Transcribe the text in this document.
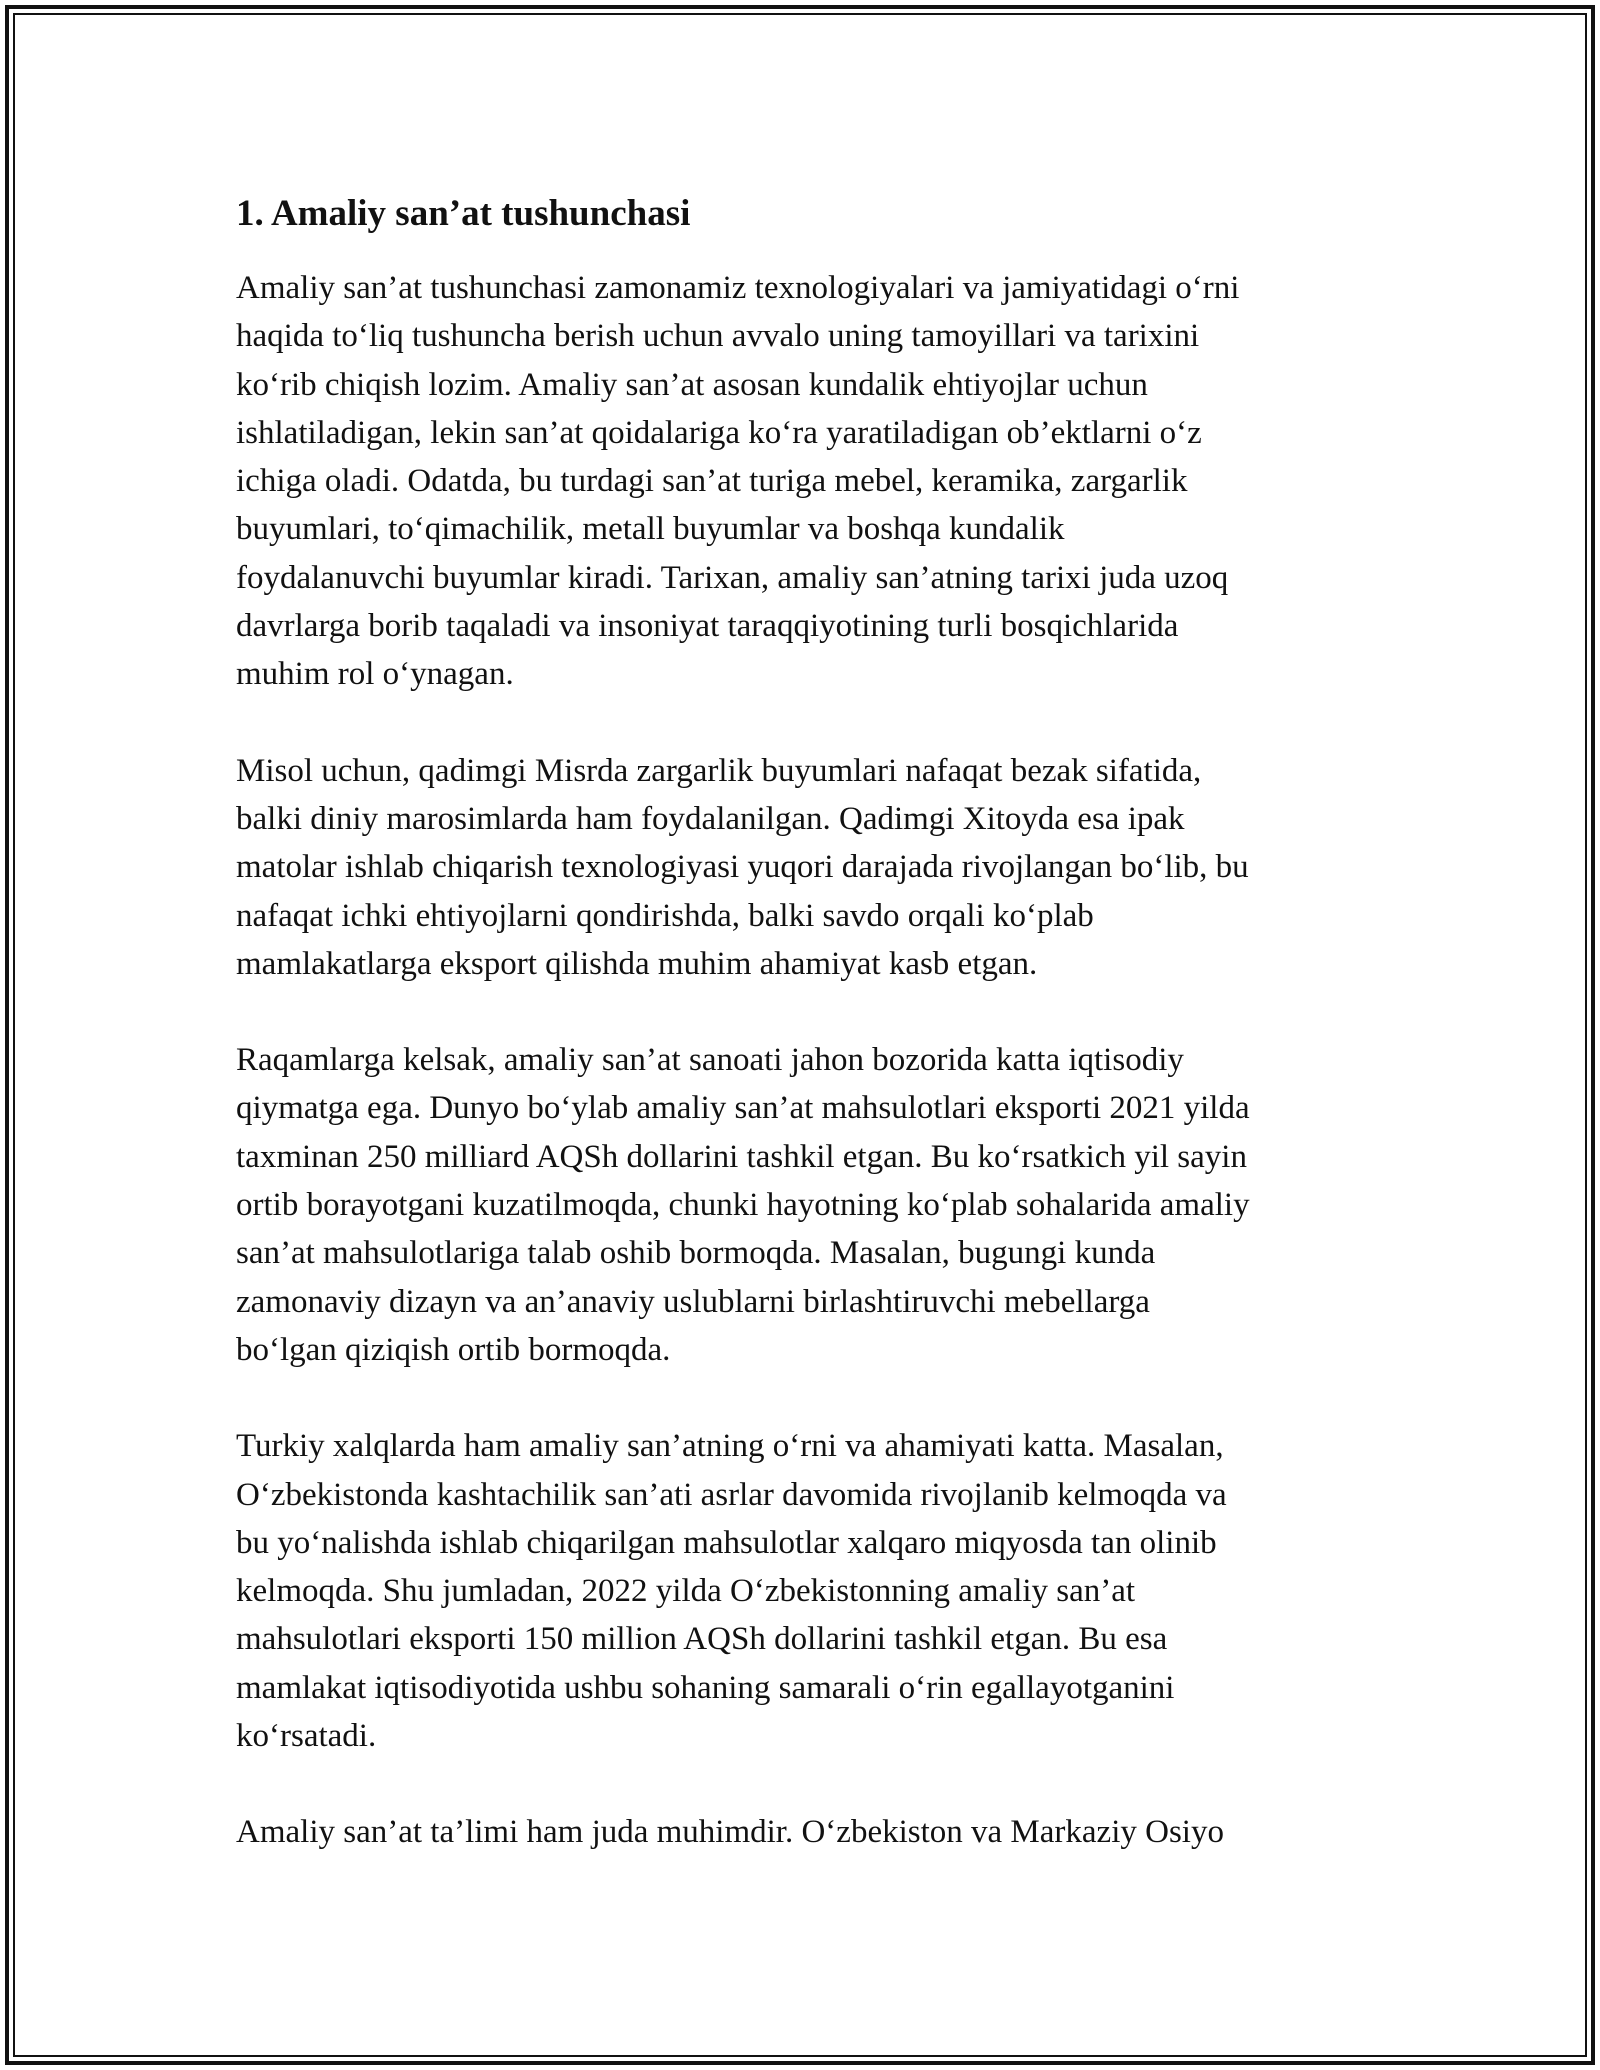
1. Amaliy san’at tushunchasi

Amaliy san’at tushunchasi zamonamiz texnologiyalari va jamiyatidagi o‘rni
haqida to‘liq tushuncha berish uchun avvalo uning tamoyillari va tarixini
ko‘rib chiqish lozim. Amaliy san’at asosan kundalik ehtiyojlar uchun
ishlatiladigan, lekin san’at qoidalariga ko‘ra yaratiladigan ob’ektlarni o‘z
ichiga oladi. Odatda, bu turdagi san’at turiga mebel, keramika, zargarlik
buyumlari, to‘qimachilik, metall buyumlar va boshqa kundalik
foydalanuvchi buyumlar kiradi. Tarixan, amaliy san’atning tarixi juda uzoq
davrlarga borib taqaladi va insoniyat taraqqiyotining turli bosqichlarida
muhim rol o‘ynagan.

Misol uchun, qadimgi Misrda zargarlik buyumlari nafaqat bezak sifatida,
balki diniy marosimlarda ham foydalanilgan. Qadimgi Xitoyda esa ipak
matolar ishlab chiqarish texnologiyasi yuqori darajada rivojlangan bo‘lib, bu
nafaqat ichki ehtiyojlarni qondirishda, balki savdo orqali ko‘plab
mamlakatlarga eksport qilishda muhim ahamiyat kasb etgan.

Raqamlarga kelsak, amaliy san’at sanoati jahon bozorida katta iqtisodiy
qiymatga ega. Dunyo bo‘ylab amaliy san’at mahsulotlari eksporti 2021 yilda
taxminan 250 milliard AQSh dollarini tashkil etgan. Bu ko‘rsatkich yil sayin
ortib borayotgani kuzatilmoqda, chunki hayotning ko‘plab sohalarida amaliy
san’at mahsulotlariga talab oshib bormoqda. Masalan, bugungi kunda
zamonaviy dizayn va an’anaviy uslublarni birlashtiruvchi mebellarga
bo‘lgan qiziqish ortib bormoqda.

Turkiy xalqlarda ham amaliy san’atning o‘rni va ahamiyati katta. Masalan,
O‘zbekistonda kashtachilik san’ati asrlar davomida rivojlanib kelmoqda va
bu yo‘nalishda ishlab chiqarilgan mahsulotlar xalqaro miqyosda tan olinib
kelmoqda. Shu jumladan, 2022 yilda O‘zbekistonning amaliy san’at
mahsulotlari eksporti 150 million AQSh dollarini tashkil etgan. Bu esa
mamlakat iqtisodiyotida ushbu sohaning samarali o‘rin egallayotganini
ko‘rsatadi.

Amaliy san’at ta’limi ham juda muhimdir. O‘zbekiston va Markaziy Osiyo
